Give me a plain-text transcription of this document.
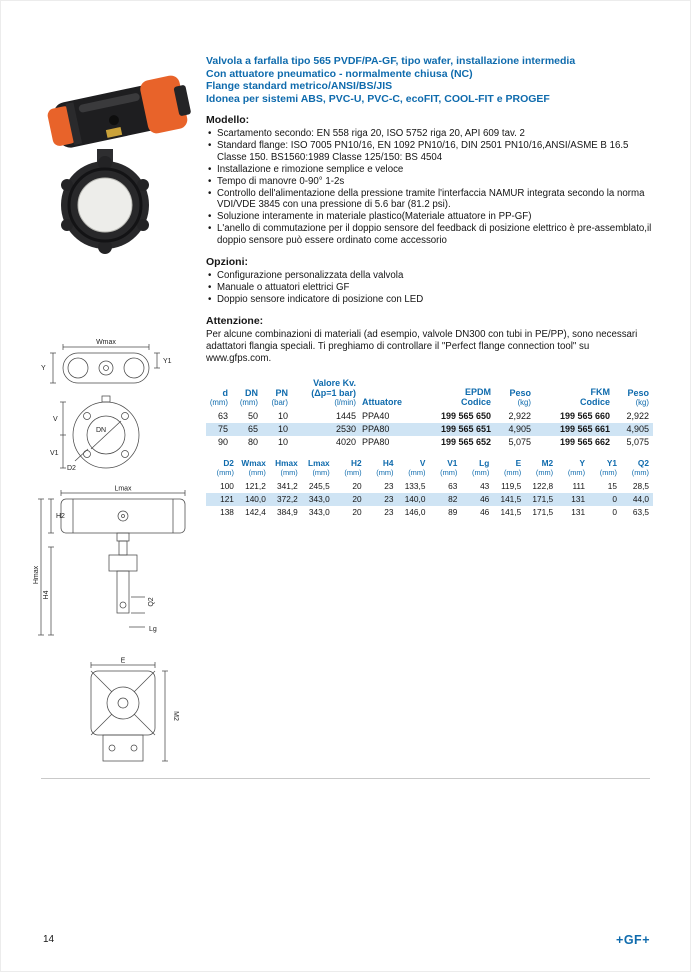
Wmax
Y
Y1
V
DN
D2
V1
Lmax
H2
Hmax
H4
Q2
Lg
E
M2
Valvola a farfalla tipo 565 PVDF/PA-GF, tipo wafer, installazione intermedia
Con attuatore pneumatico - normalmente chiusa (NC)
Flange standard metrico/ANSI/BS/JIS
Idonea per sistemi ABS, PVC-U, PVC-C, ecoFIT, COOL-FIT e PROGEF
Modello:
• Scartamento secondo: EN 558 riga 20, ISO 5752 riga 20, API 609 tav. 2
• Standard flange: ISO 7005 PN10/16, EN 1092 PN10/16, DIN 2501 PN10/16,ANSI/ASME B 16.5 Classe 150. BS1560:1989 Classe 125/150: BS 4504
• Installazione e rimozione semplice e veloce
• Tempo di manovre 0-90° 1-2s
• Controllo dell'alimentazione della pressione tramite l'interfaccia NAMUR integrata secondo la norma VDI/VDE 3845 con una pressione di 5.6 bar (81.2 psi).
• Soluzione interamente in materiale plastico(Materiale attuatore in PP-GF)
• L'anello di commutazione per il doppio sensore del feedback di posizione elettrico è pre-assemblato,il doppio sensore può essere ordinato come accessorio
Opzioni:
• Configurazione personalizzata della valvola
• Manuale o attuatori elettrici GF
• Doppio sensore indicatore di posizione con LED
Attenzione:
Per alcune combinazioni di materiali (ad esempio, valvole DN300 con tubi in PE/PP), sono necessari adattatori flangia speciali. Ti preghiamo di controllare il "Perfect flange connection tool" su www.gfps.com.
d
(mm)

DN
(mm)

PN
(bar)

Valore Kv.
(Δp=1 bar)
(l/min)	Attuatore

EPDM
Codice

Peso
(kg)

FKM
Codice

Peso
(kg)

63	50	10	1445	PPA40	199 565 650	2,922	199 565 660	2,922
75	65	10	2530	PPA80	199 565 651	4,905	199 565 661	4,905
90	80	10	4020	PPA80	199 565 652	5,075	199 565 662	5,075
D2
(mm)

Wmax
(mm)

Hmax
(mm)

Lmax
(mm)

H2
(mm)

H4
(mm)

V
(mm)

V1
(mm)

Lg
(mm)

E
(mm)

M2
(mm)

Y
(mm)

Y1
(mm)

Q2
(mm)

100	121,2	341,2	245,5	20	23	133,5	63	43	119,5	122,8	111	15	28,5
121	140,0	372,2	343,0	20	23	140,0	82	46	141,5	171,5	131	0	44,0
138	142,4	384,9	343,0	20	23	146,0	89	46	141,5	171,5	131	0	63,5
14	+GF+
